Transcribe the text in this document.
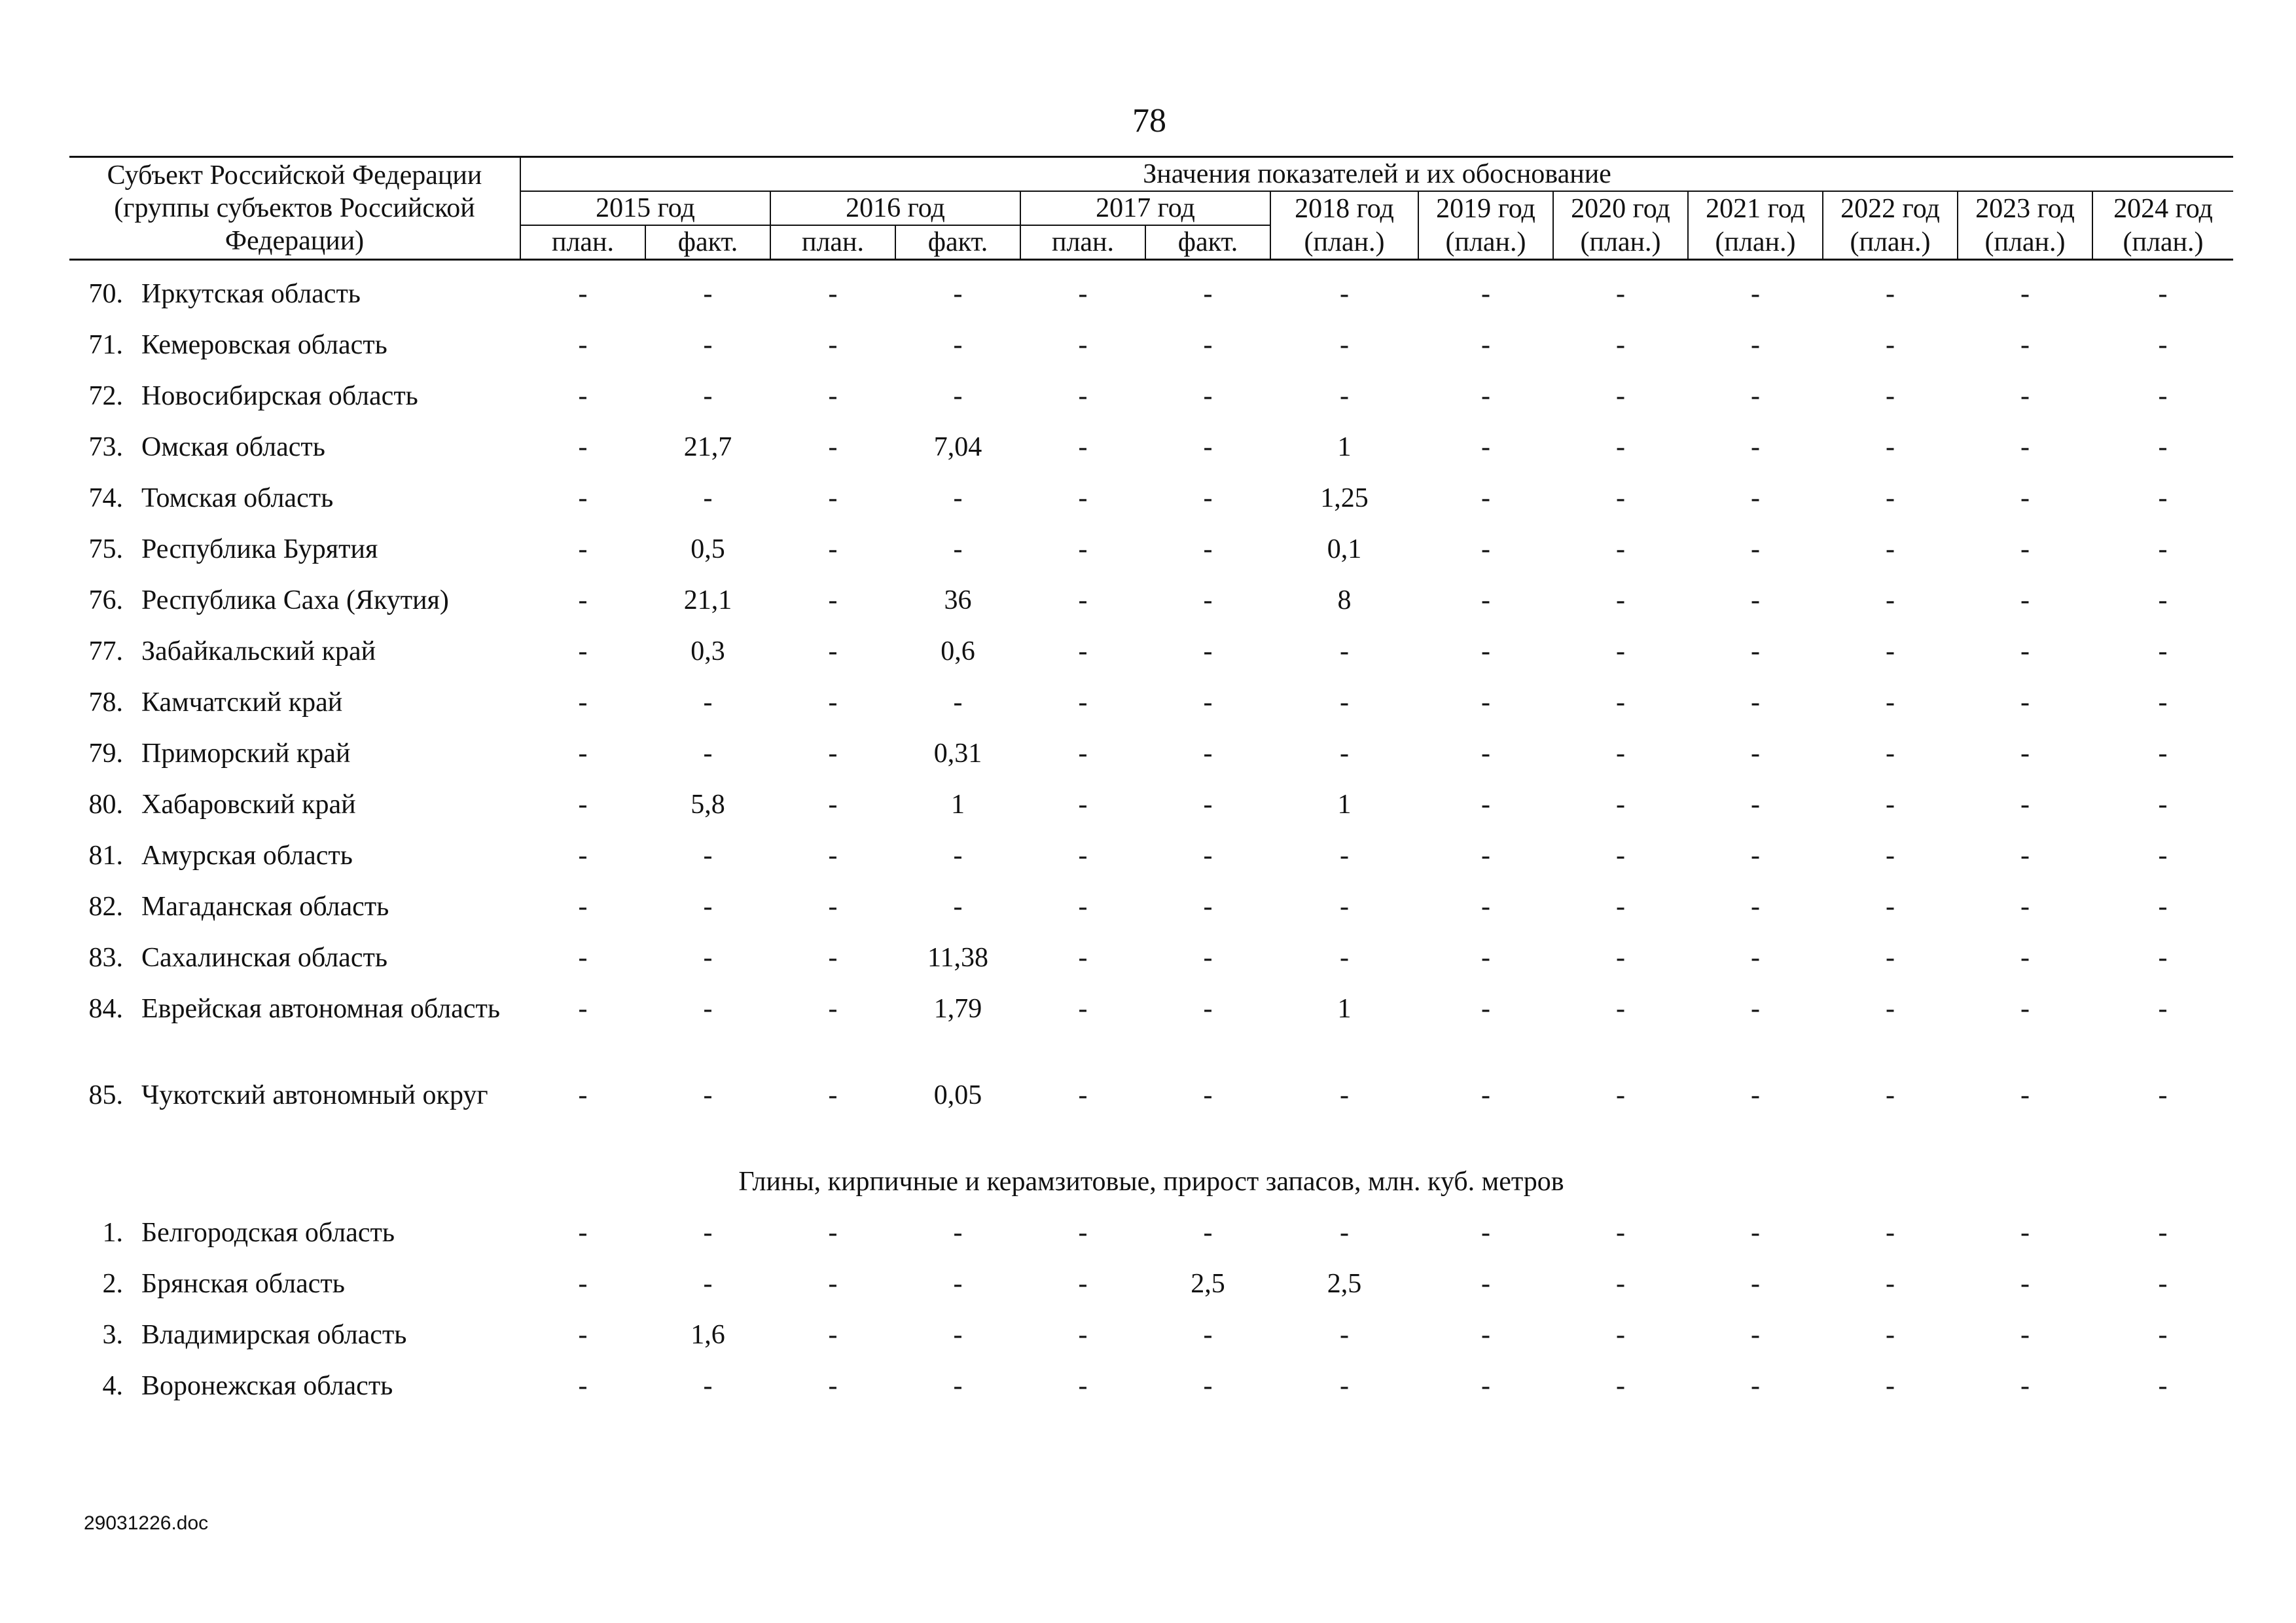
78
Субъект Российской Федерации (группы субъектов Российской Федерации)		Значения показателей и их обоснование												
		2015 год		2016 год		2017 год		2018 год	2019 год	2020 год	2021 год	2022 год	2023 год	2024 год
		план.	факт.	план.	факт.	план.	факт.	(план.)	(план.)	(план.)	(план.)	(план.)	(план.)	(план.)

70.	Иркутская область	-	-	-	-	-	-	-	-	-	-	-	-	-
71.	Кемеровская область	-	-	-	-	-	-	-	-	-	-	-	-	-
72.	Новосибирская область	-	-	-	-	-	-	-	-	-	-	-	-	-
73.	Омская область	-	21,7	-	7,04	-	-	1	-	-	-	-	-	-
74.	Томская область	-	-	-	-	-	-	1,25	-	-	-	-	-	-
75.	Республика Бурятия	-	0,5	-	-	-	-	0,1	-	-	-	-	-	-
76.	Республика Саха (Якутия)	-	21,1	-	36	-	-	8	-	-	-	-	-	-
77.	Забайкальский край	-	0,3	-	0,6	-	-	-	-	-	-	-	-	-
78.	Камчатский край	-	-	-	-	-	-	-	-	-	-	-	-	-
79.	Приморский край	-	-	-	0,31	-	-	-	-	-	-	-	-	-
80.	Хабаровский край	-	5,8	-	1	-	-	1	-	-	-	-	-	-
81.	Амурская область	-	-	-	-	-	-	-	-	-	-	-	-	-
82.	Магаданская область	-	-	-	-	-	-	-	-	-	-	-	-	-
83.	Сахалинская область	-	-	-	11,38	-	-	-	-	-	-	-	-	-
84.	Еврейская автономная область	-	-	-	1,79	-	-	1	-	-	-	-	-	-
85.	Чукотский автономный округ	-	-	-	0,05	-	-	-	-	-	-	-	-	-
Глины, кирпичные и керамзитовые, прирост запасов, млн. куб. метров														
1.	Белгородская область	-	-	-	-	-	-	-	-	-	-	-	-	-
2.	Брянская область	-	-	-	-	-	2,5	2,5	-	-	-	-	-	-
3.	Владимирская область	-	1,6	-	-	-	-	-	-	-	-	-	-	-
4.	Воронежская область	-	-	-	-	-	-	-	-	-	-	-	-	-
29031226.doc
